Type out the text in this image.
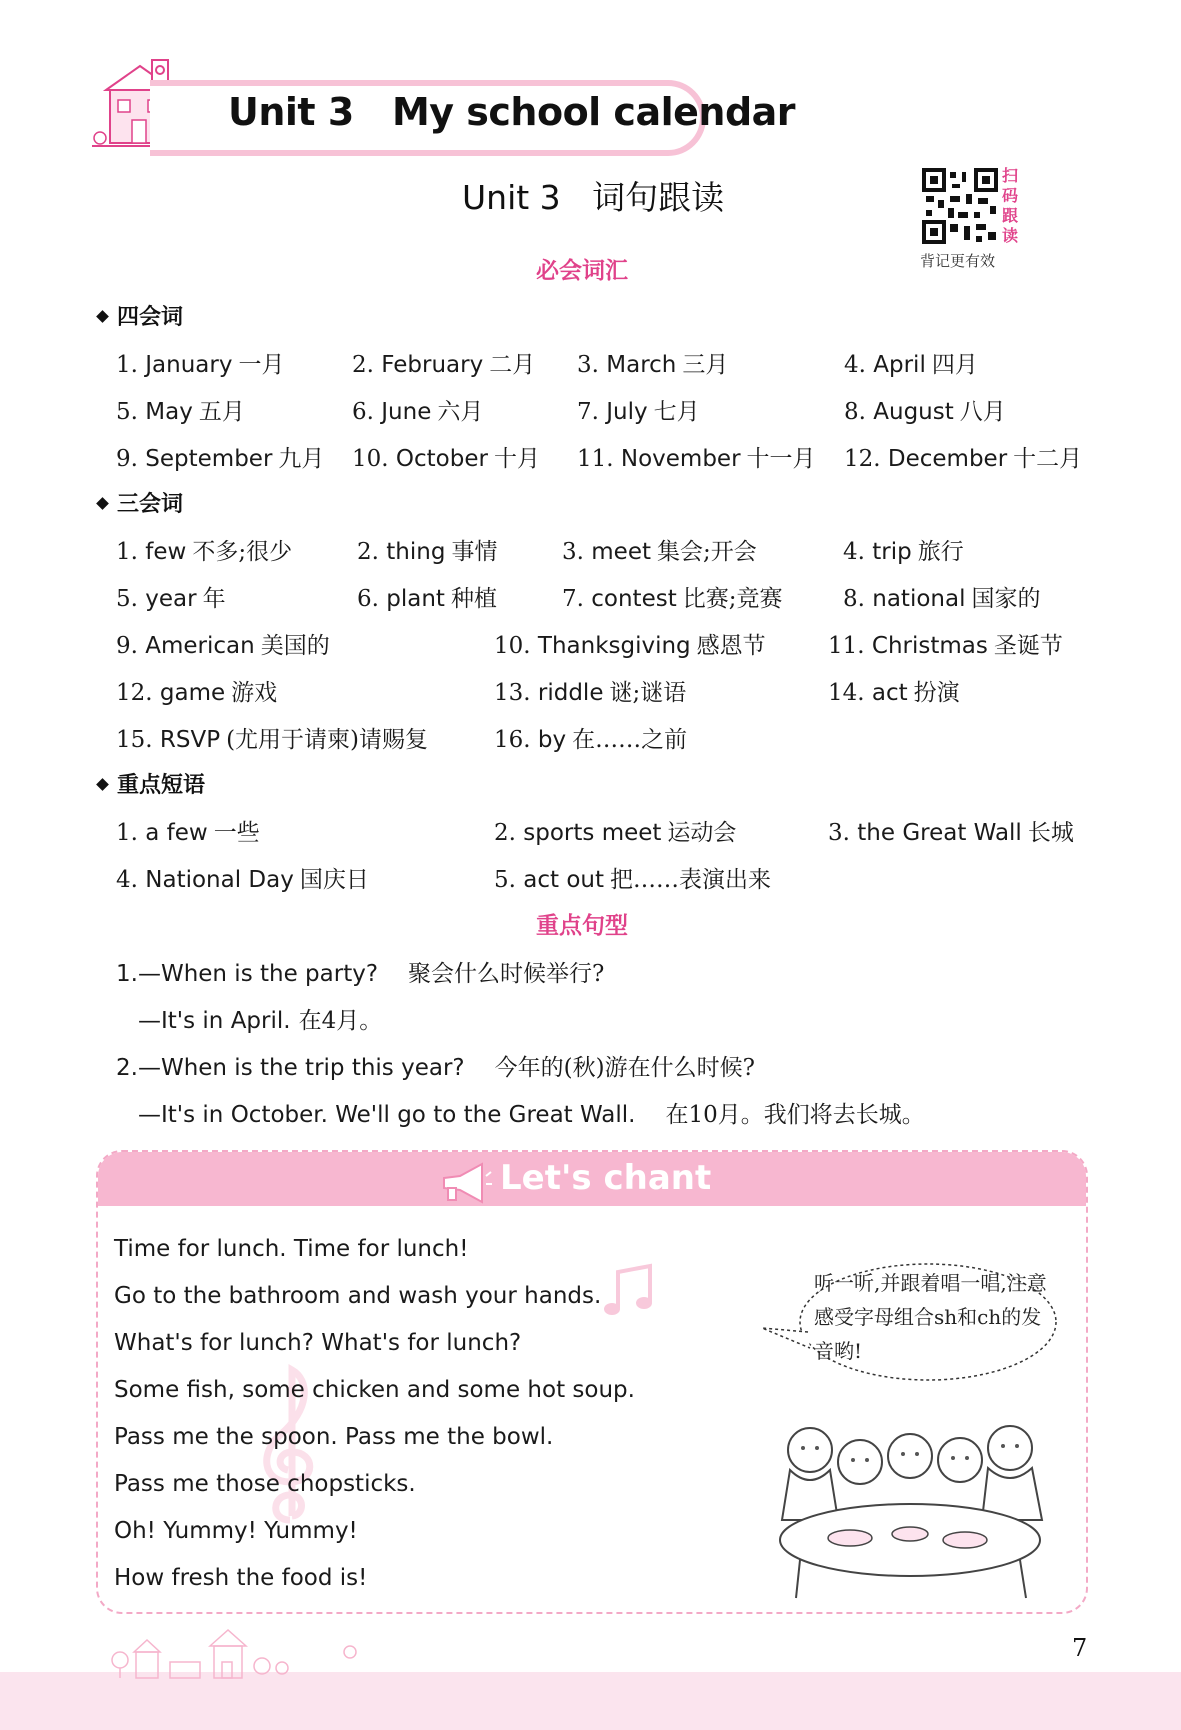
Unit 3   My school calendar
Unit 3   词句跟读
扫码跟读
背记更有效
必会词汇
四会词
1. January 一月	2. February 二月 3. March 三月	4. April 四月
5. May 五月	6. June 六月	7. July 七月	8. August 八月
9. September 九月 10. October 十月 11. November 十一月 12. December 十二月
三会词
1. few 不多;很少	2. thing 事情	3. meet 集会;开会	4. trip 旅行
5. year 年	6. plant 种植	7. contest 比赛;竞赛	8. national 国家的
9. American 美国的	10. Thanksgiving 感恩节	11. Christmas 圣诞节
12. game 游戏	13. riddle 谜;谜语	14. act 扮演
15. RSVP (尤用于请柬)请赐复	16. by 在……之前
重点短语
1. a few 一些	2. sports meet 运动会	3. the Great Wall 长城
4. National Day 国庆日	5. act out 把……表演出来
重点句型
1.—When is the party? 聚会什么时候举行?
—It's in April. 在4月。
2.—When is the trip this year? 今年的(秋)游在什么时候?
—It's in October. We'll go to the Great Wall. 在10月。我们将去长城。
Let's chant
Time for lunch. Time for lunch!
Go to the bathroom and wash your hands.
What's for lunch? What's for lunch?
Some fish, some chicken and some hot soup.
Pass me the spoon. Pass me the bowl.
Pass me those chopsticks.
Oh! Yummy! Yummy!
How fresh the food is!
听一听,并跟着唱一唱,注意感受字母组合sh和ch的发音哟!
7
